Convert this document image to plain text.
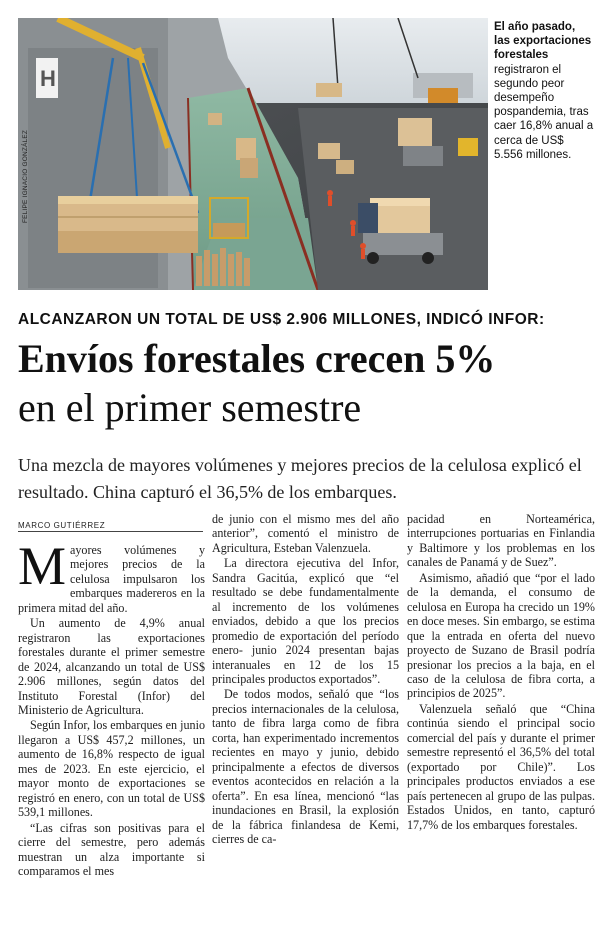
H
FELIPE IGNACIO GONZÁLEZ
El año pasado, las exportaciones forestales registraron el segundo peor desempeño pospandemia, tras caer 16,8% anual a cerca de US$ 5.556 millones.
ALCANZARON UN TOTAL DE US$ 2.906 MILLONES, INDICÓ INFOR:
Envíos forestales crecen 5%
en el primer semestre
Una mezcla de mayores volúmenes y mejores precios de la celulosa explicó el resultado. China capturó el 36,5% de los embarques.
MARCO GUTIÉRREZ

Mayores volúmenes y mejores precios de la celulosa impulsaron los embarques madereros en la primera mitad del año.

Un aumento de 4,9% anual registraron las exportaciones forestales durante el primer semestre de 2024, alcanzando un total de US$ 2.906 millones, según datos del Instituto Forestal (Infor) del Ministerio de Agricultura.

Según Infor, los embarques en junio llegaron a US$ 457,2 millones, un aumento de 16,8% respecto de igual mes de 2023. En este ejercicio, el mayor monto de exportaciones se registró en enero, con un total de US$ 539,1 millones.

“Las cifras son positivas para el cierre del semestre, pero además muestran un alza importante si comparamos el mes

de junio con el mismo mes del año anterior”, comentó el ministro de Agricultura, Esteban Valenzuela.

La directora ejecutiva del Infor, Sandra Gacitúa, explicó que “el resultado se debe fundamentalmente al incremento de los volúmenes enviados, debido a que los precios promedio de exportación del período enero- junio 2024 presentan bajas interanuales en 12 de los 15 principales productos exportados”.

De todos modos, señaló que “los precios internacionales de la celulosa, tanto de fibra larga como de fibra corta, han experimentado incrementos recientes en mayo y junio, debido principalmente a efectos de diversos eventos acontecidos en relación a la oferta”. En esa línea, mencionó “las inundaciones en Brasil, la explosión de la fábrica finlandesa de Kemi, cierres de ca-

pacidad en Norteamérica, interrupciones portuarias en Finlandia y Baltimore y los problemas en los canales de Panamá y de Suez”.

Asimismo, añadió que “por el lado de la demanda, el consumo de celulosa en Europa ha crecido un 19% en doce meses. Sin embargo, se estima que la entrada en oferta del nuevo proyecto de Suzano de Brasil podría presionar los precios a la baja, en el caso de la celulosa de fibra corta, a principios de 2025”.

Valenzuela señaló que “China continúa siendo el principal socio comercial del país y durante el primer semestre representó el 36,5% del total (exportado por Chile)”. Los principales productos enviados a ese país pertenecen al grupo de las pulpas. Estados Unidos, en tanto, capturó 17,7% de los embarques forestales.
